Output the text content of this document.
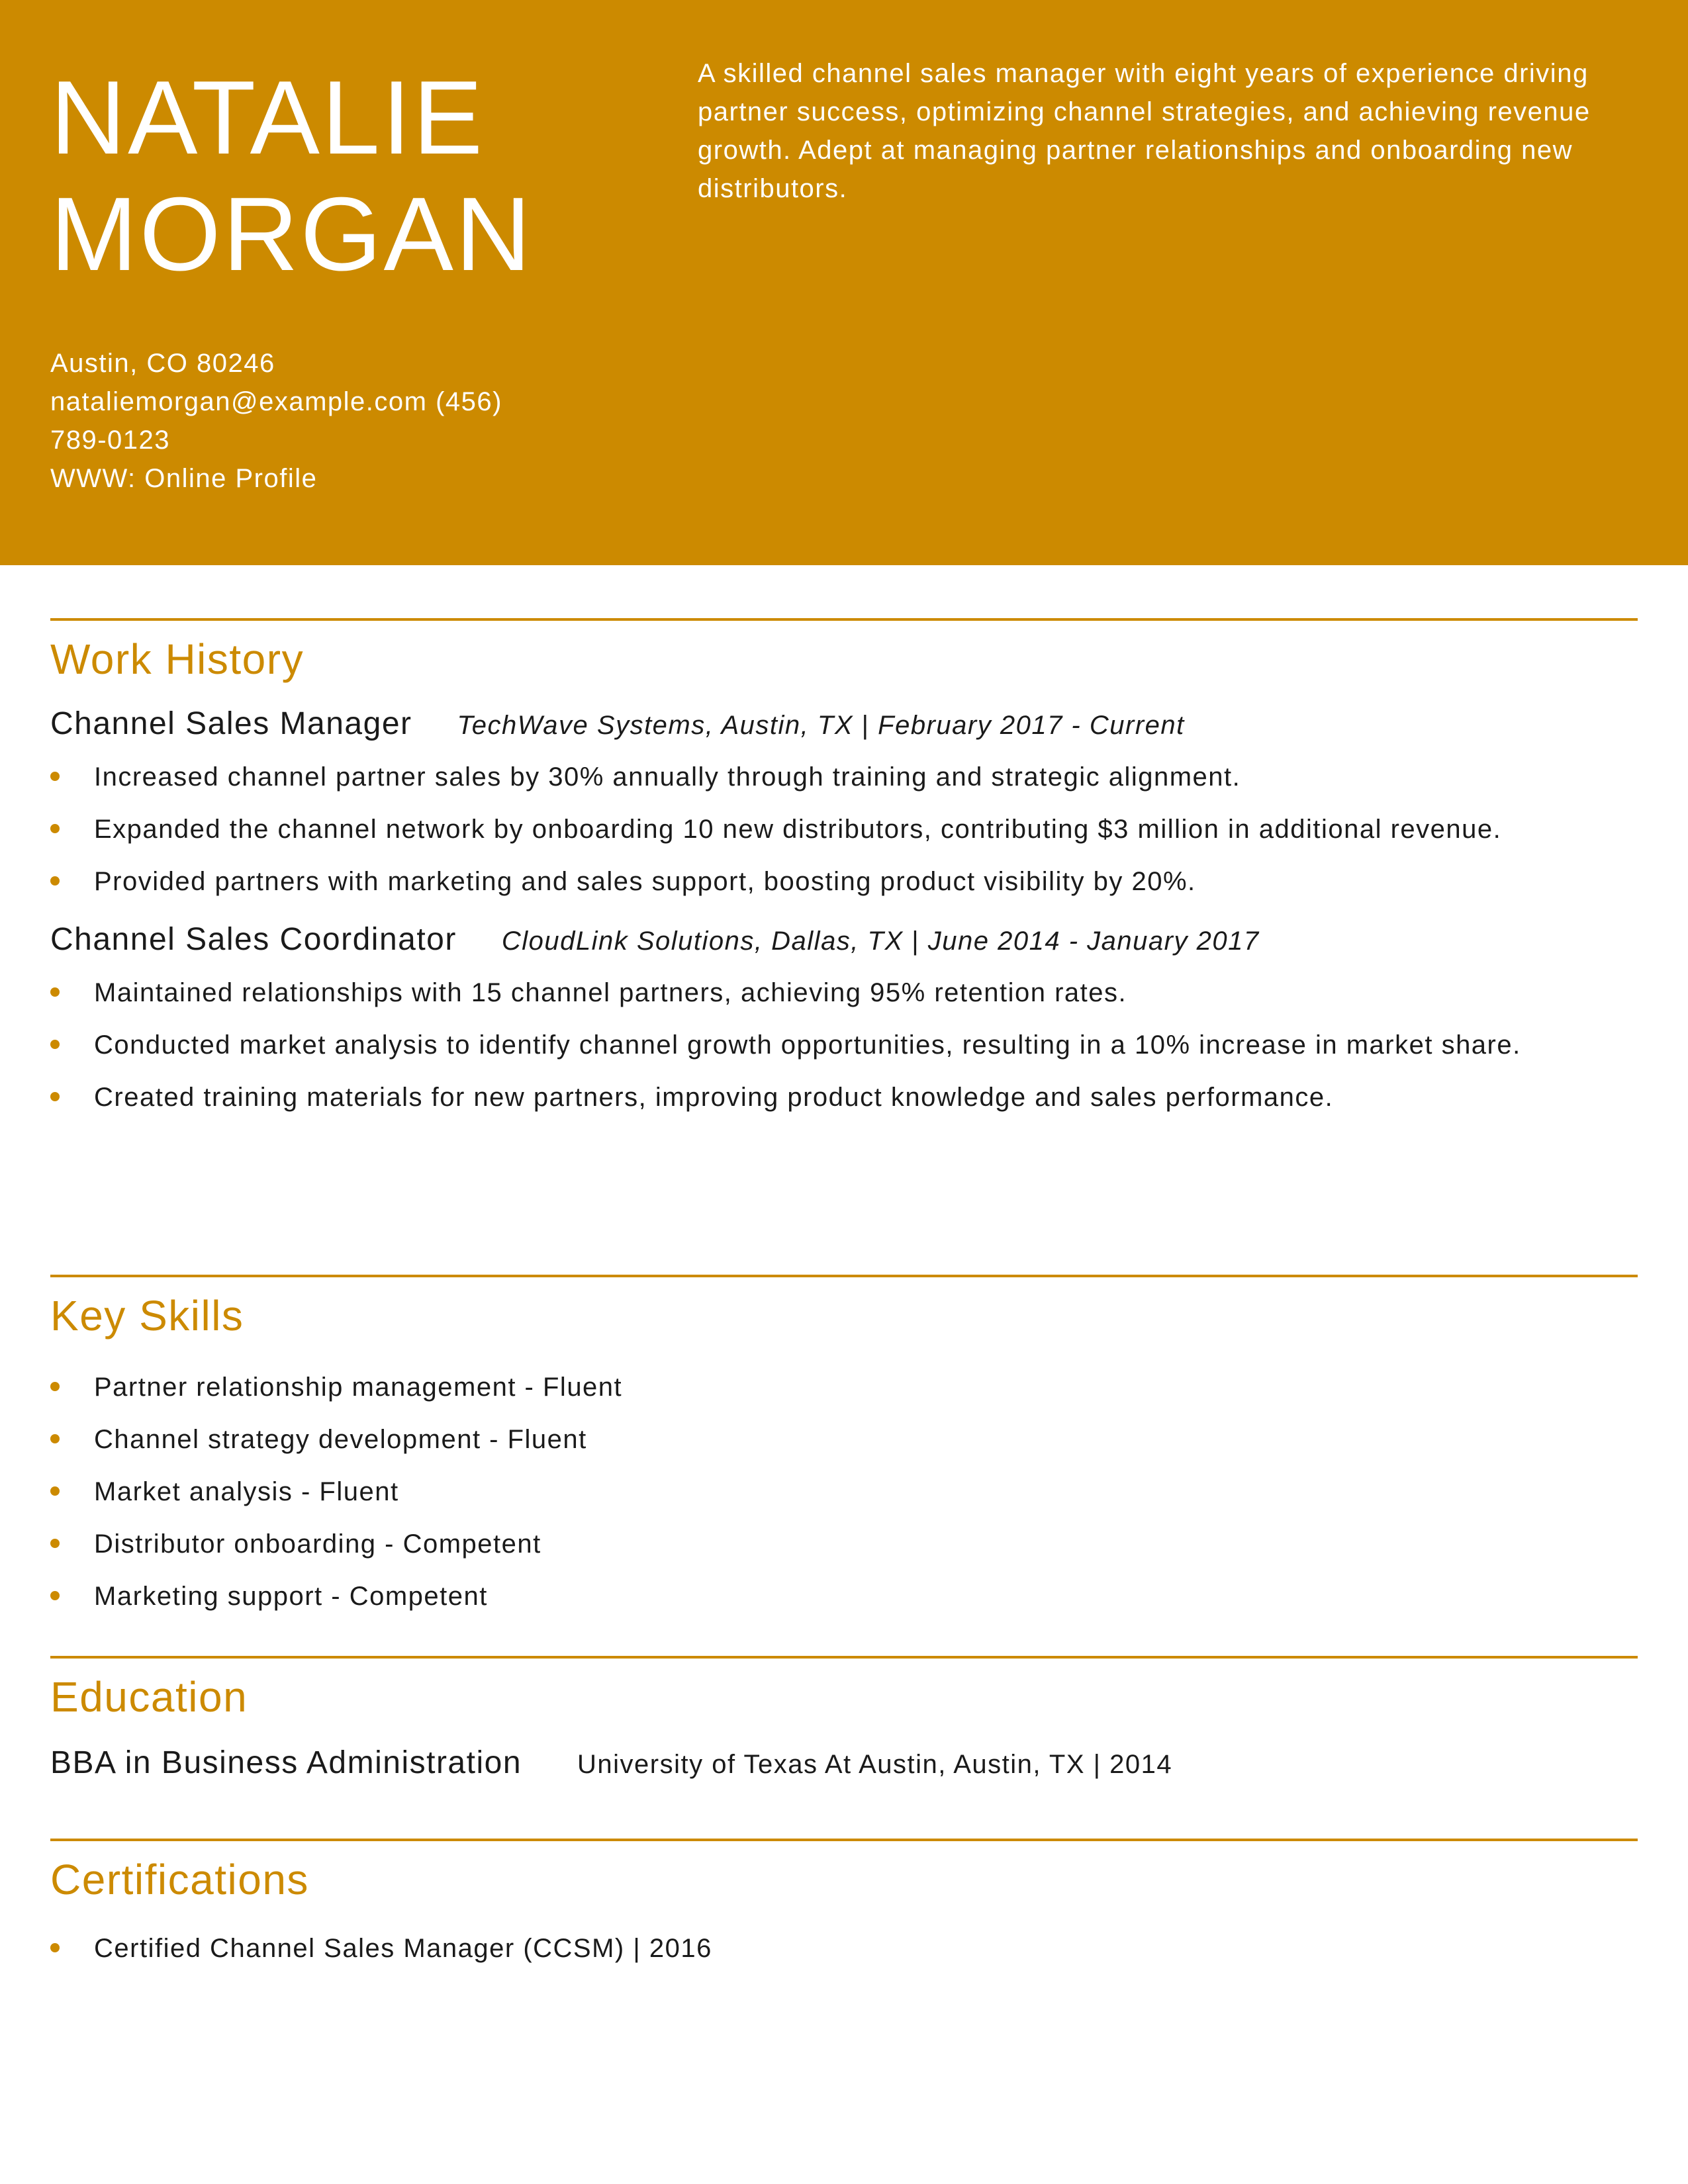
NATALIE
MORGAN

A skilled channel sales manager with eight years of experience driving partner success, optimizing channel strategies, and achieving revenue growth. Adept at managing partner relationships and onboarding new distributors.

Austin, CO 80246
nataliemorgan@example.com (456)
789-0123
WWW: Online Profile
Work History
Channel Sales Manager TechWave Systems, Austin, TX | February 2017 - Current
Increased channel partner sales by 30% annually through training and strategic alignment.
Expanded the channel network by onboarding 10 new distributors, contributing $3 million in additional revenue.
Provided partners with marketing and sales support, boosting product visibility by 20%.
Channel Sales Coordinator CloudLink Solutions, Dallas, TX | June 2014 - January 2017
Maintained relationships with 15 channel partners, achieving 95% retention rates.
Conducted market analysis to identify channel growth opportunities, resulting in a 10% increase in market share.
Created training materials for new partners, improving product knowledge and sales performance.
Key Skills
Partner relationship management - Fluent
Channel strategy development - Fluent
Market analysis - Fluent
Distributor onboarding - Competent
Marketing support - Competent
Education
BBA in Business Administration University of Texas At Austin, Austin, TX | 2014
Certifications
Certified Channel Sales Manager (CCSM) | 2016
